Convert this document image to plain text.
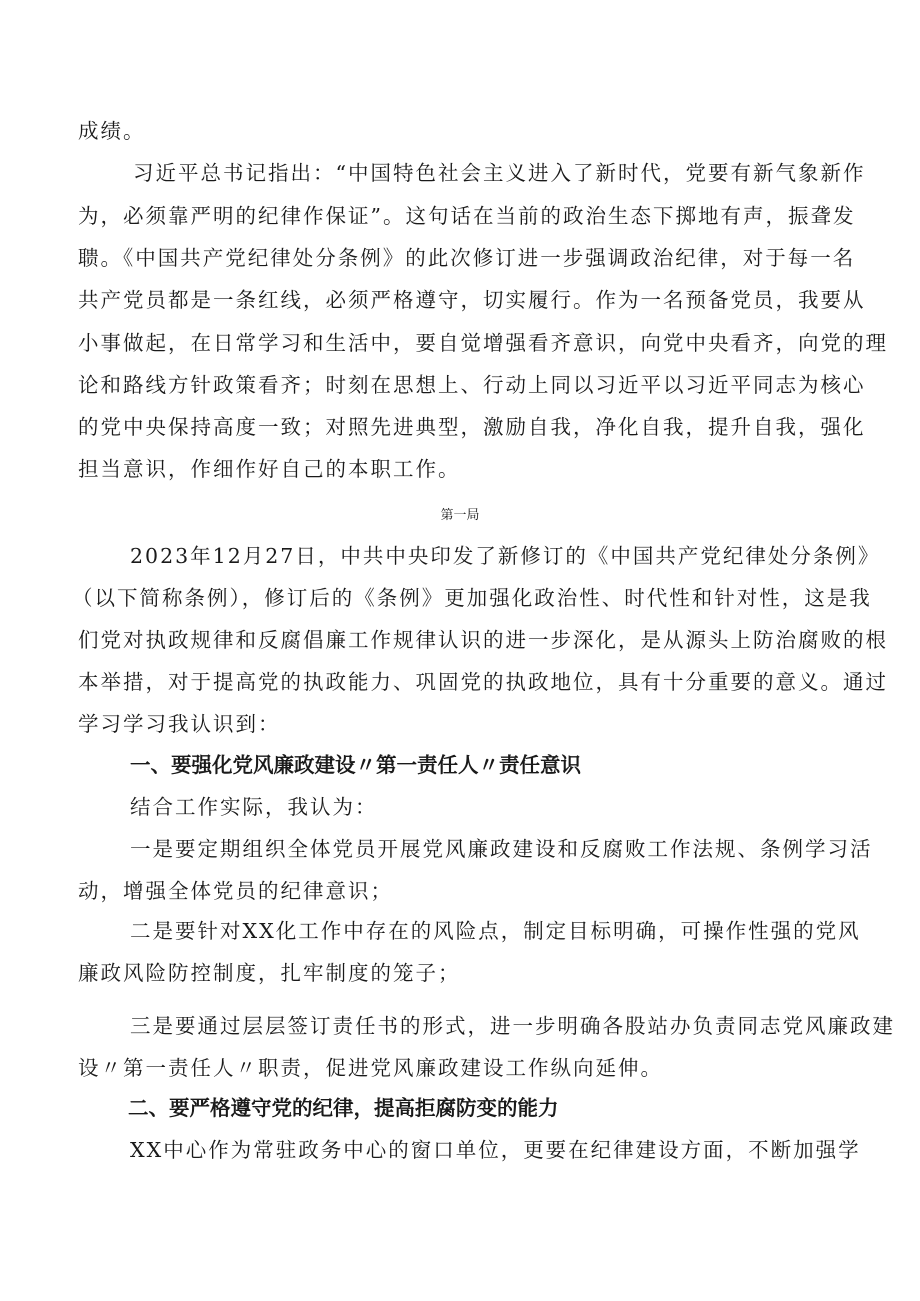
成绩。
习近平总书记指出：“中国特色社会主义进入了新时代，党要有新气象新作
为，必须靠严明的纪律作保证”。这句话在当前的政治生态下掷地有声，振聋发
聩。《中国共产党纪律处分条例》的此次修订进一步强调政治纪律，对于每一名
共产党员都是一条红线，必须严格遵守，切实履行。作为一名预备党员，我要从
小事做起，在日常学习和生活中，要自觉增强看齐意识，向党中央看齐，向党的理
论和路线方针政策看齐；时刻在思想上、行动上同以习近平以习近平同志为核心
的党中央保持高度一致；对照先进典型，激励自我，净化自我，提升自我，强化
担当意识，作细作好自己的本职工作。
第一局
2023年12月27日，中共中央印发了新修订的《中国共产党纪律处分条例》
（以下简称条例），修订后的《条例》更加强化政治性、时代性和针对性，这是我
们党对执政规律和反腐倡廉工作规律认识的进一步深化，是从源头上防治腐败的根
本举措，对于提高党的执政能力、巩固党的执政地位，具有十分重要的意义。通过
学习学习我认识到：
一、要强化党风廉政建设〃第一责任人〃责任意识
结合工作实际，我认为：
一是要定期组织全体党员开展党风廉政建设和反腐败工作法规、条例学习活
动，增强全体党员的纪律意识；
二是要针对XX化工作中存在的风险点，制定目标明确，可操作性强的党风
廉政风险防控制度，扎牢制度的笼子；
三是要通过层层签订责任书的形式，进一步明确各股站办负责同志党风廉政建
设〃第一责任人〃职责，促进党风廉政建设工作纵向延伸。
二、要严格遵守党的纪律，提高拒腐防变的能力
XX中心作为常驻政务中心的窗口单位，更要在纪律建设方面，不断加强学
